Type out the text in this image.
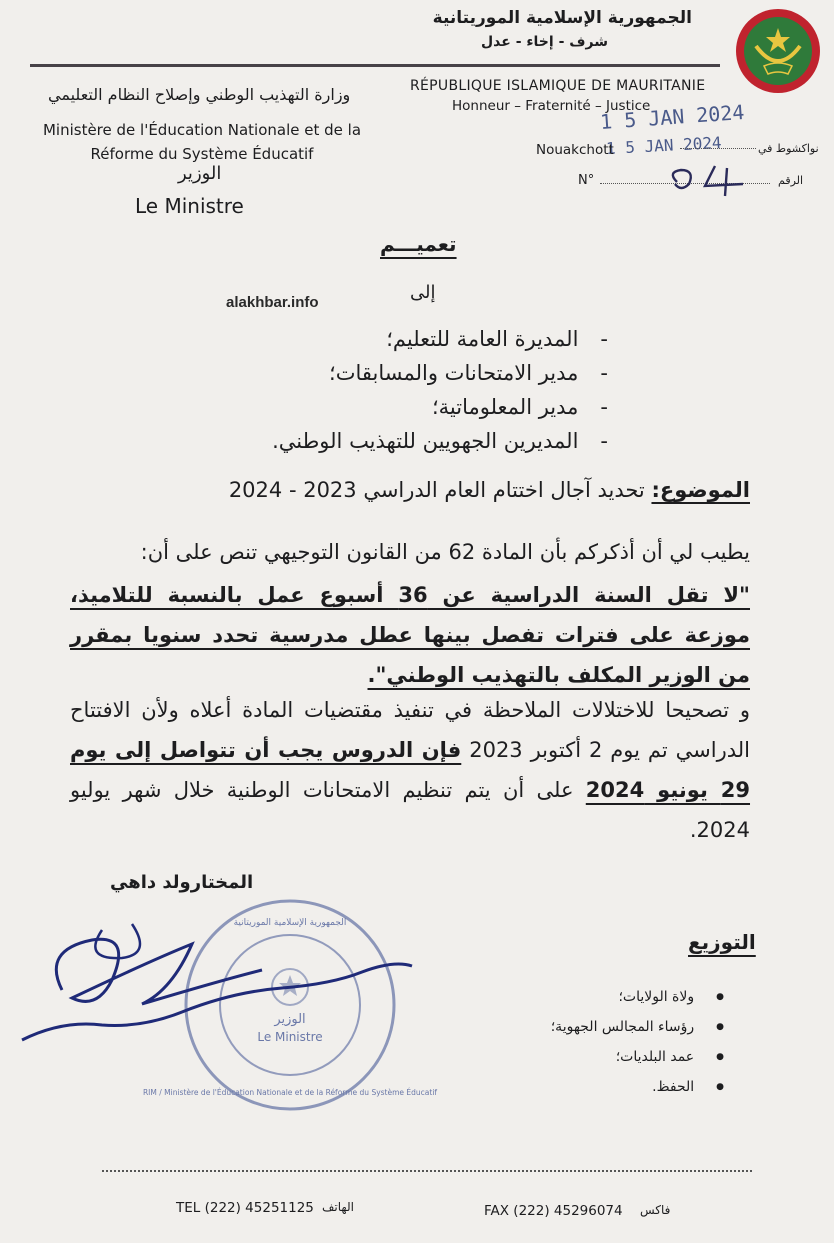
الجمهورية الإسلامية الموريتانية
شرف - إخاء - عدل
وزارة التهذيب الوطني وإصلاح النظام التعليمي
Ministère de l'Éducation Nationale et de la
Réforme du Système Éducatif
الوزير
Le Ministre
RÉPUBLIQUE ISLAMIQUE DE MAURITANIE
Honneur – Fraternité – Justice
1 5 JAN 2024
1 5 JAN 2024
Nouakchott	نواكشوط في
N°	الرقم
04
تعميـــم
إلى
alakhbar.info
- المديرة العامة للتعليم؛
- مدير الامتحانات والمسابقات؛
- مدير المعلوماتية؛
- المديرين الجهويين للتهذيب الوطني.
الموضوع: تحديد آجال اختتام العام الدراسي 2023 - 2024
يطيب لي أن أذكركم بأن المادة 62 من القانون التوجيهي تنص على أن:
"لا تقل السنة الدراسية عن 36 أسبوع عمل بالنسبة للتلاميذ، موزعة على فترات تفصل بينها عطل مدرسية تحدد سنويا بمقرر من الوزير المكلف بالتهذيب الوطني".
و تصحيحا للاختلالات الملاحظة في تنفيذ مقتضيات المادة أعلاه ولأن الافتتاح الدراسي تم يوم 2 أكتوبر 2023 فإن الدروس يجب أن تتواصل إلى يوم 29 يونيو 2024 على أن يتم تنظيم الامتحانات الوطنية خلال شهر يوليو 2024.
المختارولد داهي
الوزير
Le Ministre
الجمهورية الإسلامية الموريتانية
RIM / Ministère de l'Éducation Nationale et de la Réforme du Système Éducatif
التوزيع
● ولاة الولايات؛
● رؤساء المجالس الجهوية؛
● عمد البلديات؛
● الحفظ.
TEL (222) 45251125 الهاتف	FAX (222) 45296074 فاكس
